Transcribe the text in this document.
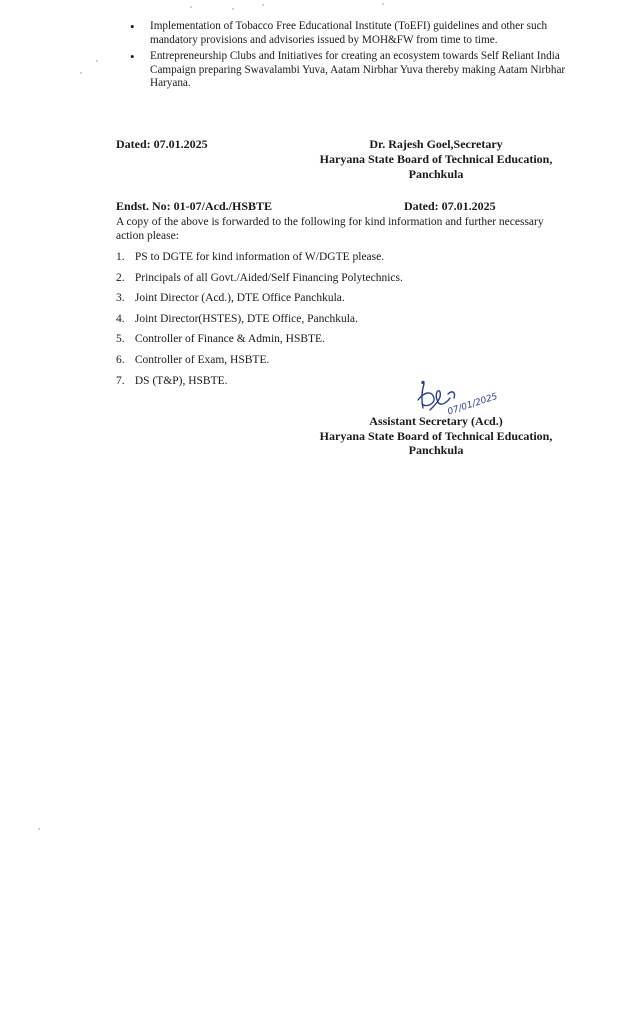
• Implementation of Tobacco Free Educational Institute (ToEFI) guidelines and other such mandatory provisions and advisories issued by MOH&FW from time to time.
• Entrepreneurship Clubs and Initiatives for creating an ecosystem towards Self Reliant India Campaign preparing Swavalambi Yuva, Aatam Nirbhar Yuva thereby making Aatam Nirbhar Haryana.
Dated: 07.01.2025	Dr. Rajesh Goel,Secretary
Haryana State Board of Technical Education,
Panchkula
Endst. No: 01-07/Acd./HSBTE	Dated: 07.01.2025
A copy of the above is forwarded to the following for kind information and further necessary action please:
1. PS to DGTE for kind information of W/DGTE please.
2. Principals of all Govt./Aided/Self Financing Polytechnics.
3. Joint Director (Acd.), DTE Office Panchkula.
4. Joint Director(HSTES), DTE Office, Panchkula.
5. Controller of Finance & Admin, HSBTE.
6. Controller of Exam, HSBTE.
7. DS (T&P), HSBTE.
07/01/2025
Assistant Secretary (Acd.)
Haryana State Board of Technical Education,
Panchkula
